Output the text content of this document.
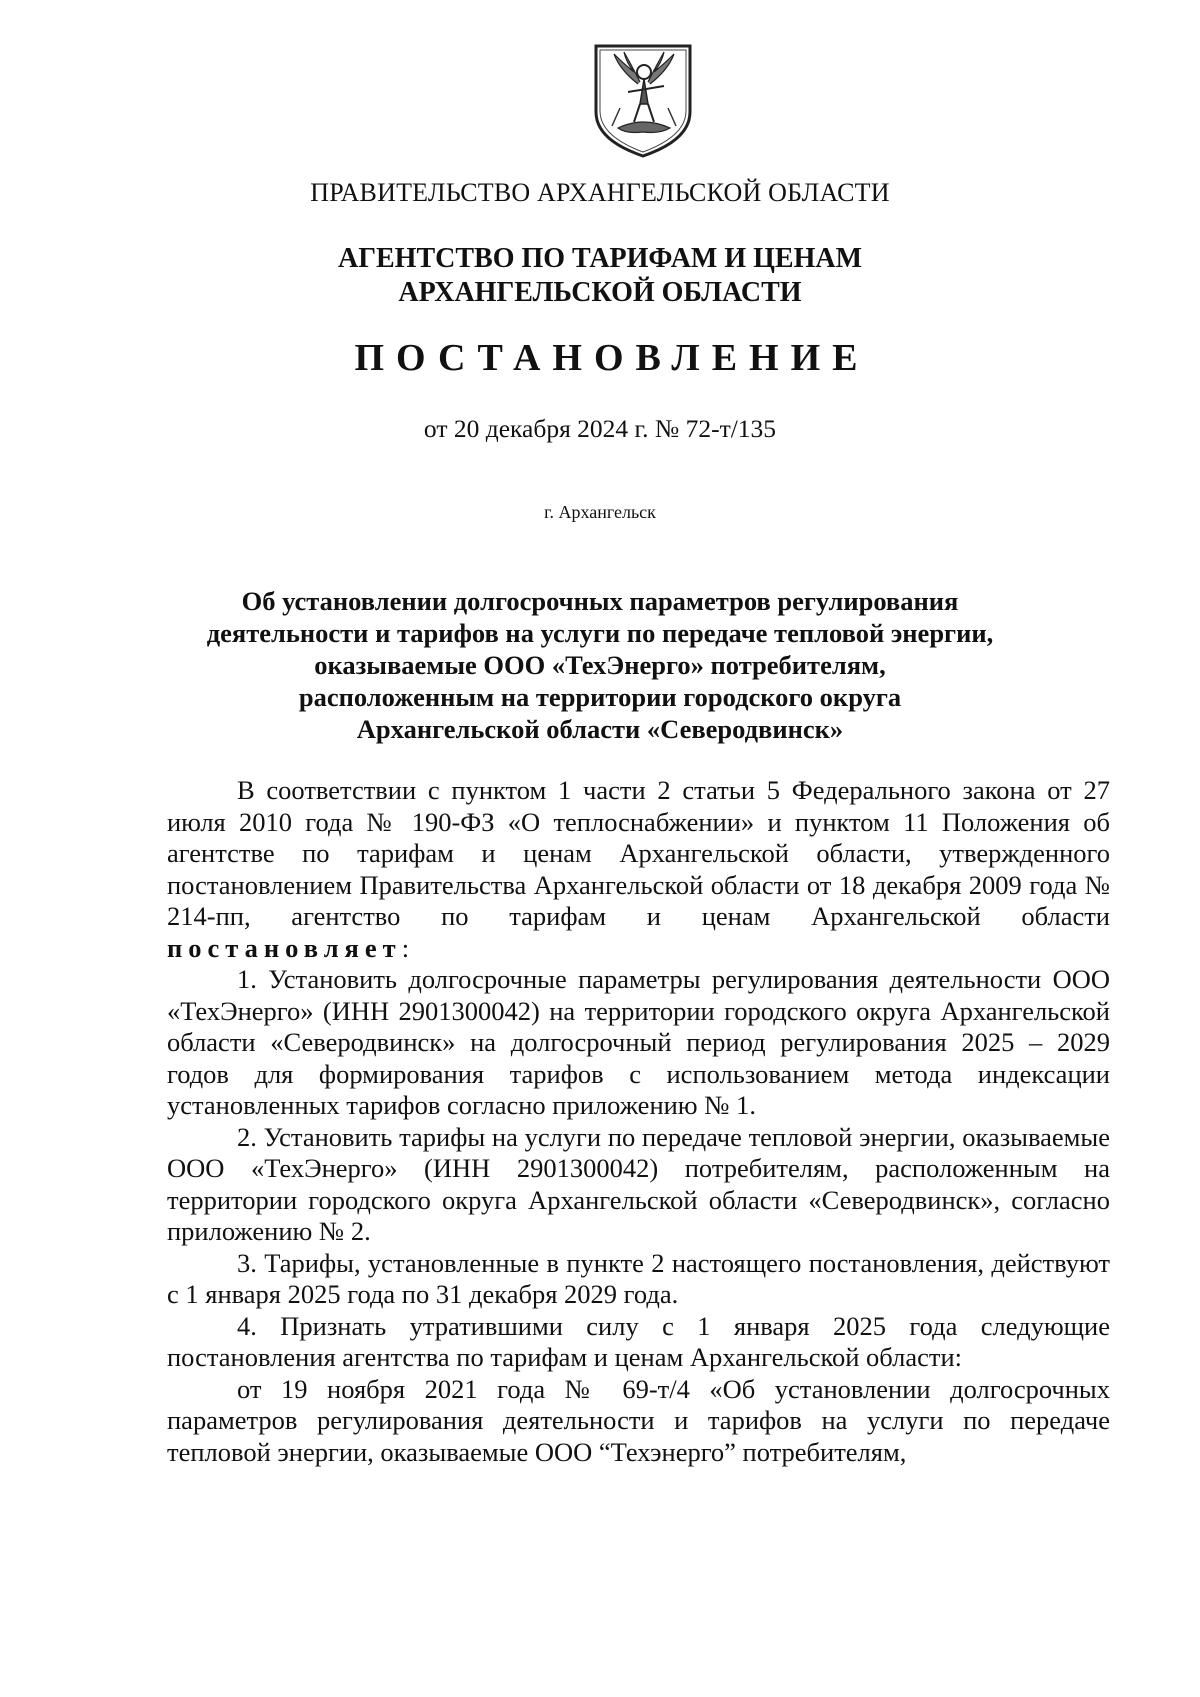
ПРАВИТЕЛЬСТВО АРХАНГЕЛЬСКОЙ ОБЛАСТИ
АГЕНТСТВО ПО ТАРИФАМ И ЦЕНАМ
АРХАНГЕЛЬСКОЙ ОБЛАСТИ
ПОСТАНОВЛЕНИЕ
от 20 декабря 2024 г. № 72-т/135
г. Архангельск
Об установлении долгосрочных параметров регулирования
деятельности и тарифов на услуги по передаче тепловой энергии,
оказываемые ООО «ТехЭнерго» потребителям,
расположенным на территории городского округа
Архангельской области «Северодвинск»

В соответствии с пунктом 1 части 2 статьи 5 Федерального закона от 27 июля 2010 года № 190-ФЗ «О теплоснабжении» и пунктом 11 Положения об агентстве по тарифам и ценам Архангельской области, утвержденного постановлением Правительства Архангельской области от 18 декабря 2009 года № 214-пп, агентство по тарифам и ценам Архангельской области постановляет:

1. Установить долгосрочные параметры регулирования деятельности ООО «ТехЭнерго» (ИНН 2901300042) на территории городского округа Архангельской области «Северодвинск» на долгосрочный период регулирования 2025 – 2029 годов для формирования тарифов с использованием метода индексации установленных тарифов согласно приложению № 1.

2. Установить тарифы на услуги по передаче тепловой энергии, оказываемые ООО «ТехЭнерго» (ИНН 2901300042) потребителям, расположенным на территории городского округа Архангельской области «Северодвинск», согласно приложению № 2.

3. Тарифы, установленные в пункте 2 настоящего постановления, действуют с 1 января 2025 года по 31 декабря 2029 года.

4. Признать утратившими силу с 1 января 2025 года следующие постановления агентства по тарифам и ценам Архангельской области:

от 19 ноября 2021 года № 69-т/4 «Об установлении долгосрочных параметров регулирования деятельности и тарифов на услуги по передаче тепловой энергии, оказываемые ООО “Техэнерго” потребителям,
